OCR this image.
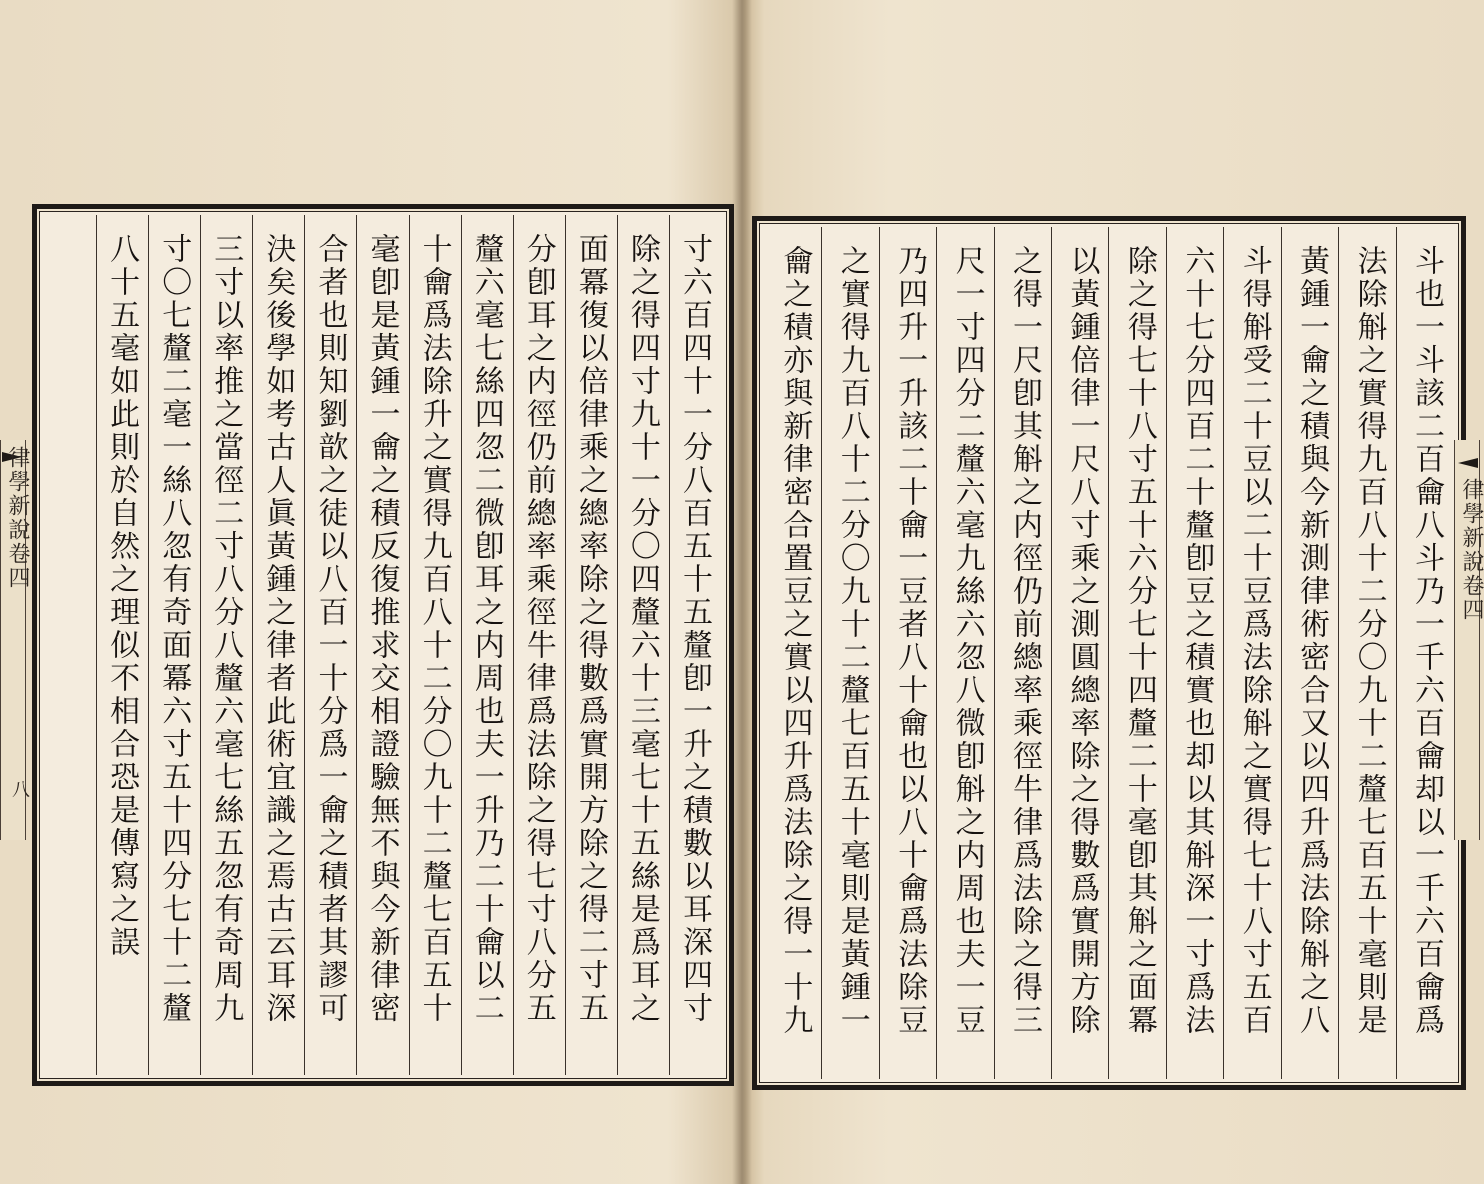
寸六百四十一分八百五十五釐卽一升之積數以耳深四寸
除之得四寸九十一分〇四釐六十三毫七十五絲是爲耳之
面冪復以倍律乘之總率除之得數爲實開方除之得二寸五
分卽耳之内徑仍前總率乘徑牛律爲法除之得七寸八分五
釐六毫七絲四忽二微卽耳之内周也夫一升乃二十龠以二
十龠爲法除升之實得九百八十二分〇九十二釐七百五十
毫卽是黃鍾一龠之積反復推求交相證驗無不與今新律密
合者也則知劉歆之徒以八百一十分爲一龠之積者其謬可
決矣後學如考古人眞黃鍾之律者此術宜識之焉古云耳深
三寸以率推之當徑二寸八分八釐六毫七絲五忽有奇周九
寸〇七釐二毫一絲八忽有奇面冪六寸五十四分七十二釐
八十五毫如此則於自然之理似不相合恐是傳寫之誤
律學新說卷四
八	斗也一斗該二百龠八斗乃一千六百龠却以一千六百龠爲
法除斛之實得九百八十二分〇九十二釐七百五十毫則是
黃鍾一龠之積與今新測律術密合又以四升爲法除斛之八
斗得斛受二十豆以二十豆爲法除斛之實得七十八寸五百
六十七分四百二十釐卽豆之積實也却以其斛深一寸爲法
除之得七十八寸五十六分七十四釐二十毫卽其斛之面冪
以黃鍾倍律一尺八寸乘之測圓總率除之得數爲實開方除
之得一尺卽其斛之内徑仍前總率乘徑牛律爲法除之得三
尺一寸四分二釐六毫九絲六忽八微卽斛之内周也夫一豆
乃四升一升該二十龠一豆者八十龠也以八十龠爲法除豆
之實得九百八十二分〇九十二釐七百五十毫則是黃鍾一
龠之積亦與新律密合置豆之實以四升爲法除之得一十九	律學新說卷四
